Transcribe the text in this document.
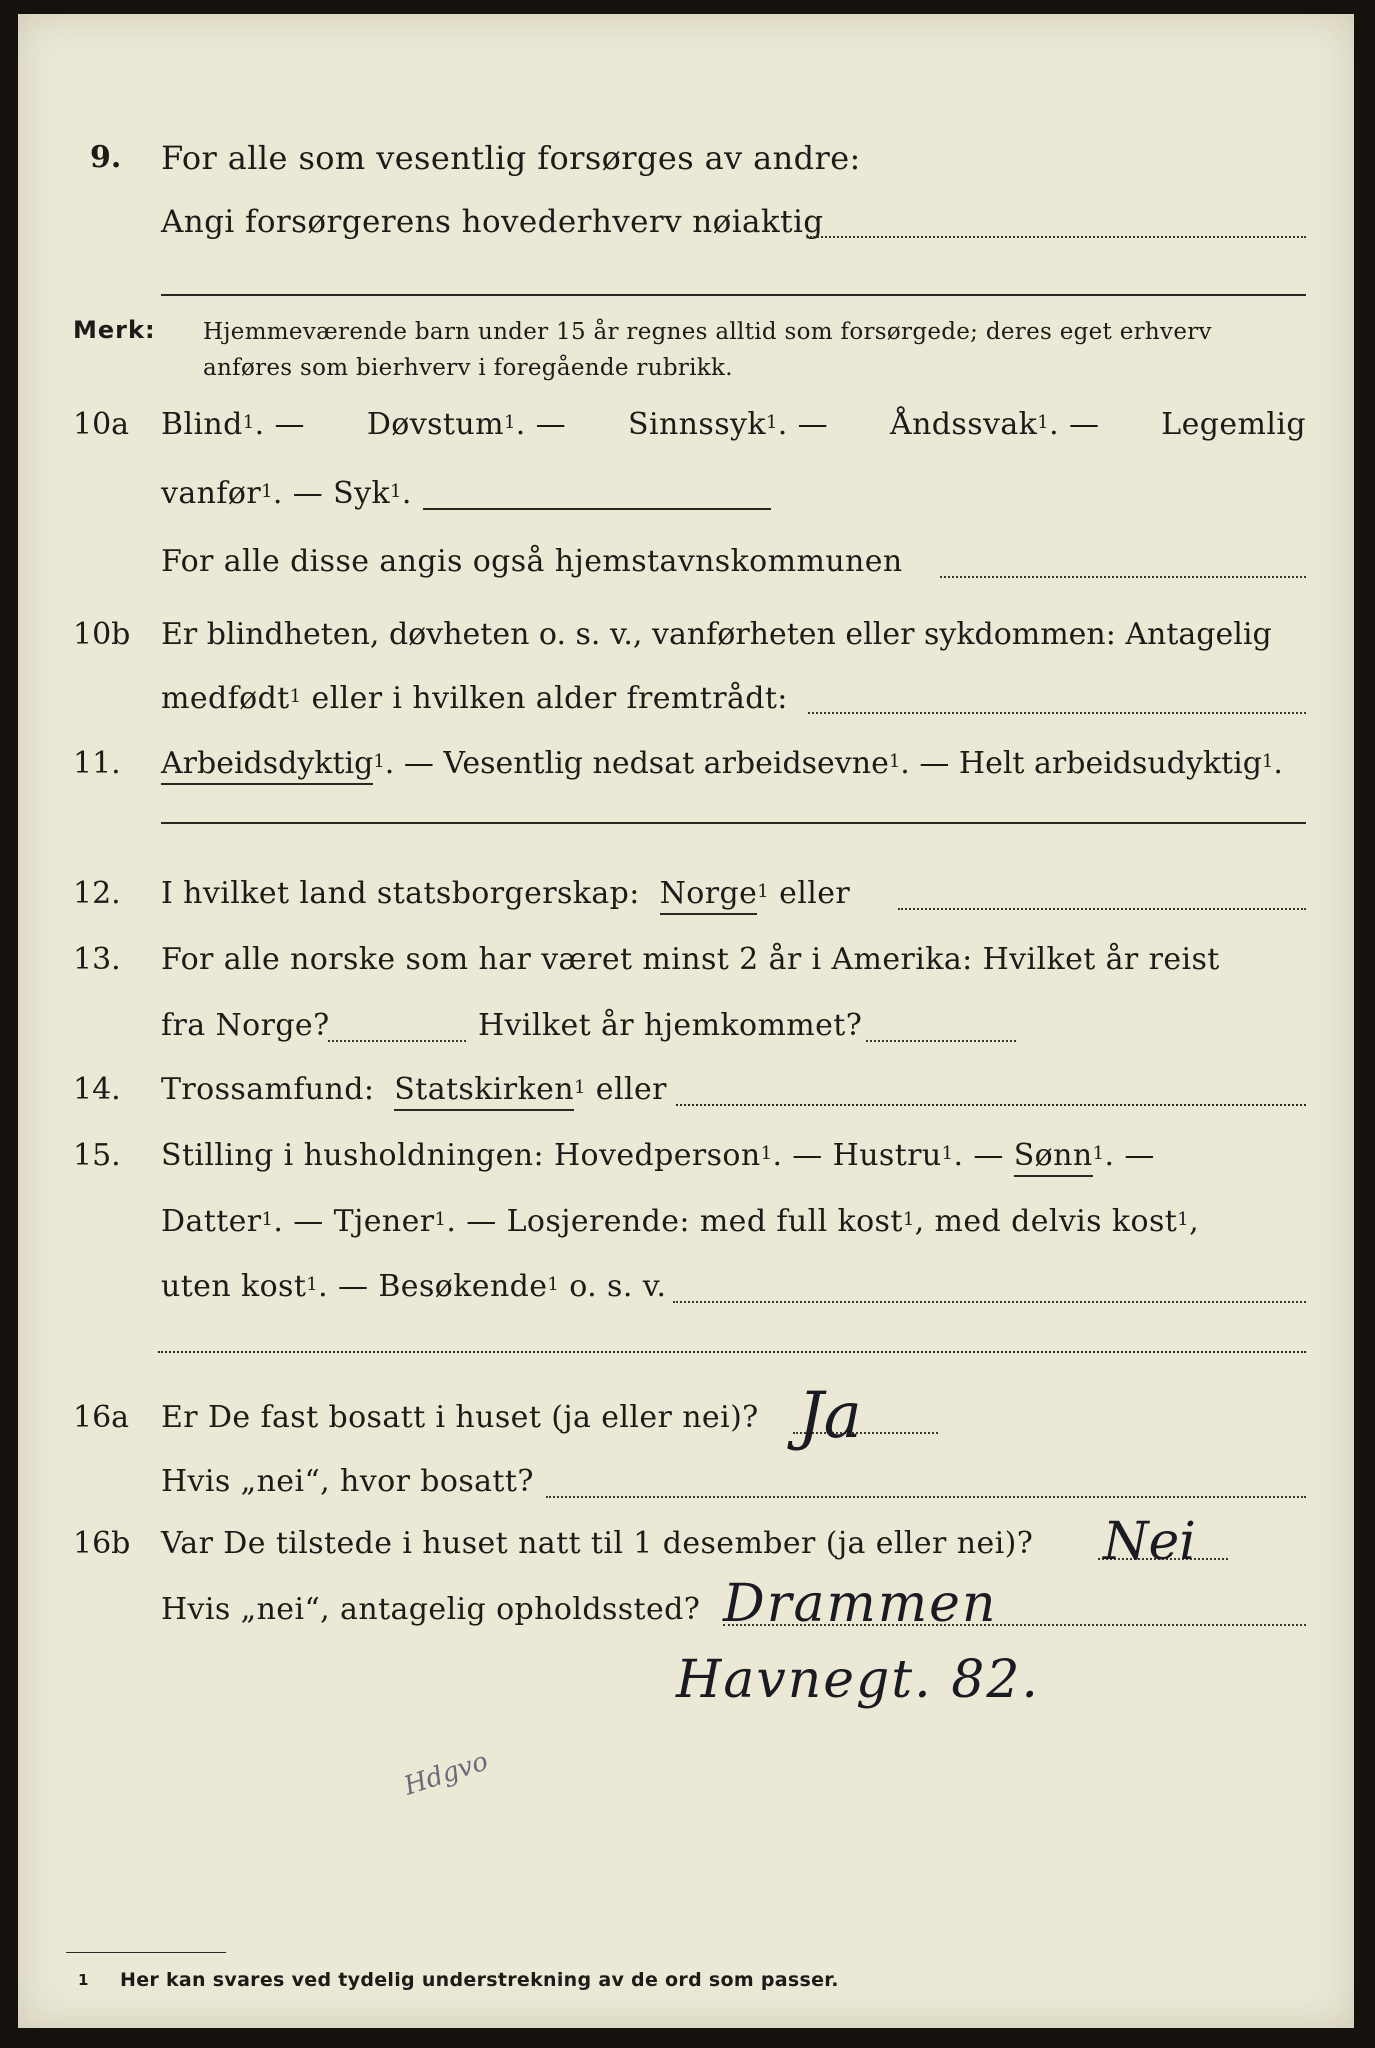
9. For alle som vesentlig forsørges av andre:
Angi forsørgerens hovederhverv nøiaktig
Merk: Hjemmeværende barn under 15 år regnes alltid som forsørgede; deres eget erhverv
anføres som bierhverv i foregående rubrikk.
10a Blind$^1$. — Døvstum$^1$. — Sinnssyk$^1$. — Åndssvak$^1$. — Legemlig
vanfør$^1$. — Syk$^1$.
For alle disse angis også hjemstavnskommunen
10b Er blindheten, døvheten o. s. v., vanførheten eller sykdommen: Antagelig
medfødt$^1$ eller i hvilken alder fremtrådt:
11. Arbeidsdyktig$^1$. — Vesentlig nedsat arbeidsevne$^1$. — Helt arbeidsudyktig$^1$.
12. I hvilket land statsborgerskap: Norge$^1$ eller
13. For alle norske som har været minst 2 år i Amerika: Hvilket år reist
fra Norge?	Hvilket år hjemkommet?
14. Trossamfund: Statskirken$^1$ eller
15. Stilling i husholdningen: Hovedperson$^1$. — Hustru$^1$. — Sønn$^1$. —
Datter$^1$. — Tjener$^1$. — Losjerende: med full kost$^1$, med delvis kost$^1$,
uten kost$^1$. — Besøkende$^1$ o. s. v.
16a Er De fast bosatt i huset (ja eller nei)? Ja
Hvis „nei“, hvor bosatt?
16b Var De tilstede i huset natt til 1 desember (ja eller nei)? Nei
Hvis „nei“, antagelig opholdssted? Drammen
Havnegt. 82.
Hdgvo
1 Her kan svares ved tydelig understrekning av de ord som passer.
